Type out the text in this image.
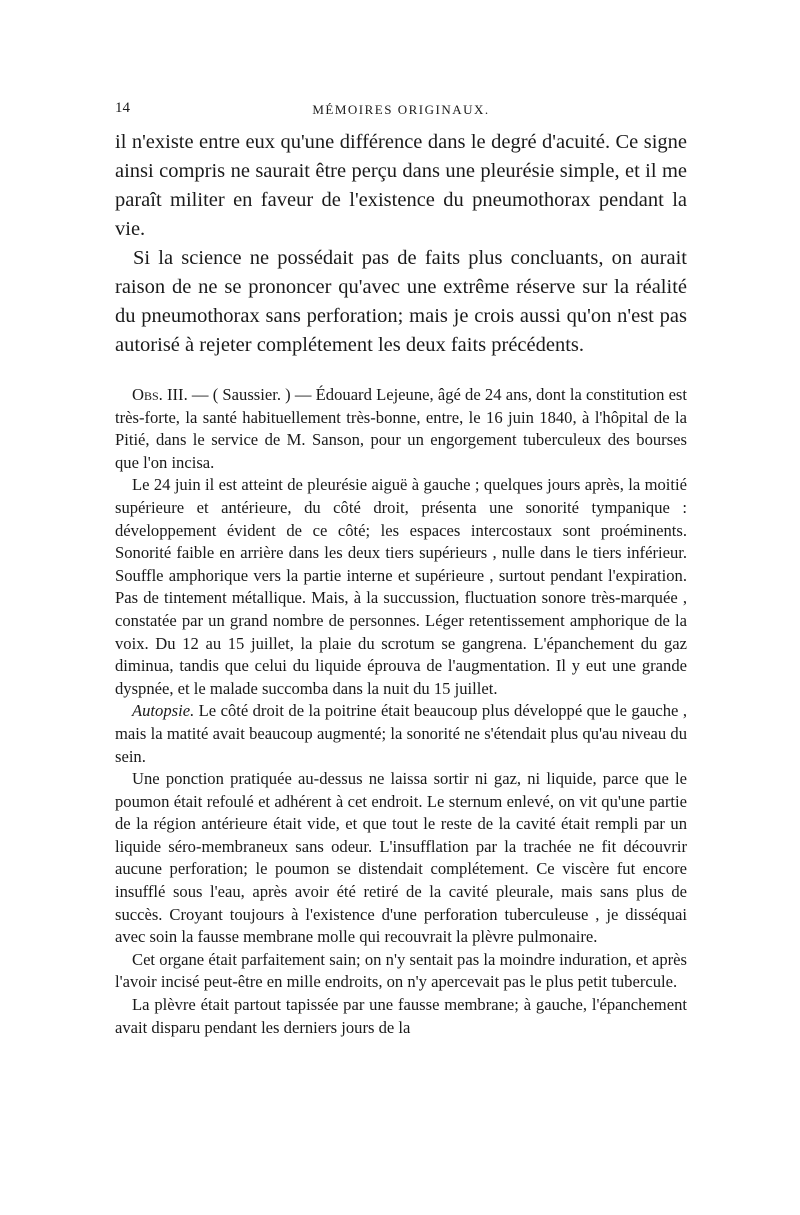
14	MÉMOIRES ORIGINAUX.

il n'existe entre eux qu'une différence dans le degré d'acuité. Ce signe ainsi compris ne saurait être perçu dans une pleurésie simple, et il me paraît militer en faveur de l'existence du pneumothorax pendant la vie.

Si la science ne possédait pas de faits plus concluants, on aurait raison de ne se prononcer qu'avec une extrême réserve sur la réalité du pneumothorax sans perforation; mais je crois aussi qu'on n'est pas autorisé à rejeter complétement les deux faits précédents.

Obs. III. — ( Saussier. ) — Édouard Lejeune, âgé de 24 ans, dont la constitution est très-forte, la santé habituellement très-bonne, entre, le 16 juin 1840, à l'hôpital de la Pitié, dans le service de M. Sanson, pour un engorgement tuberculeux des bourses que l'on incisa.

Le 24 juin il est atteint de pleurésie aiguë à gauche ; quelques jours après, la moitié supérieure et antérieure, du côté droit, présenta une sonorité tympanique : développement évident de ce côté; les espaces intercostaux sont proéminents. Sonorité faible en arrière dans les deux tiers supérieurs , nulle dans le tiers inférieur. Souffle amphorique vers la partie interne et supérieure , surtout pendant l'expiration. Pas de tintement métallique. Mais, à la succussion, fluctuation sonore très-marquée , constatée par un grand nombre de personnes. Léger retentissement amphorique de la voix. Du 12 au 15 juillet, la plaie du scrotum se gangrena. L'épanchement du gaz diminua, tandis que celui du liquide éprouva de l'augmentation. Il y eut une grande dyspnée, et le malade succomba dans la nuit du 15 juillet.

Autopsie. Le côté droit de la poitrine était beaucoup plus développé que le gauche , mais la matité avait beaucoup augmenté; la sonorité ne s'étendait plus qu'au niveau du sein.

Une ponction pratiquée au-dessus ne laissa sortir ni gaz, ni liquide, parce que le poumon était refoulé et adhérent à cet endroit. Le sternum enlevé, on vit qu'une partie de la région antérieure était vide, et que tout le reste de la cavité était rempli par un liquide séro-membraneux sans odeur. L'insufflation par la trachée ne fit découvrir aucune perforation; le poumon se distendait complétement. Ce viscère fut encore insufflé sous l'eau, après avoir été retiré de la cavité pleurale, mais sans plus de succès. Croyant toujours à l'existence d'une perforation tuberculeuse , je disséquai avec soin la fausse membrane molle qui recouvrait la plèvre pulmonaire.

Cet organe était parfaitement sain; on n'y sentait pas la moindre induration, et après l'avoir incisé peut-être en mille endroits, on n'y apercevait pas le plus petit tubercule.

La plèvre était partout tapissée par une fausse membrane; à gauche, l'épanchement avait disparu pendant les derniers jours de la
